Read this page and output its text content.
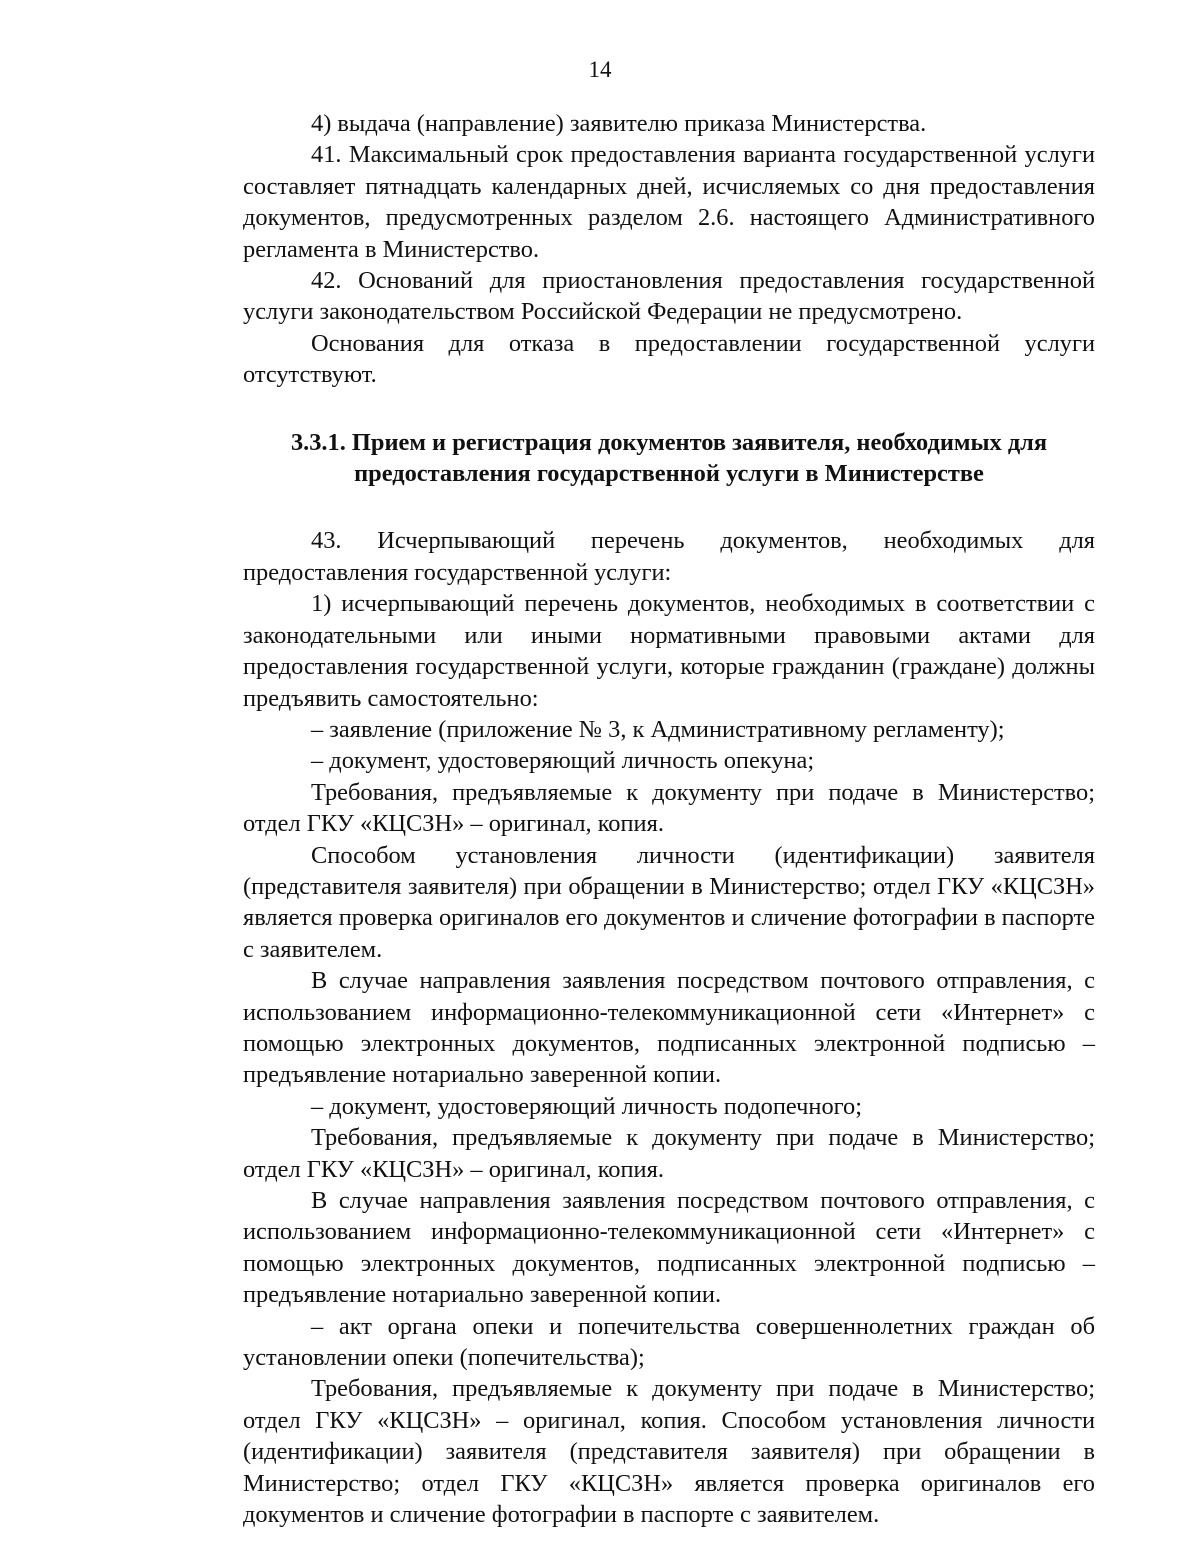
14

4) выдача (направление) заявителю приказа Министерства.

41. Максимальный срок предоставления варианта государственной услуги составляет пятнадцать календарных дней, исчисляемых со дня предоставления документов, предусмотренных разделом 2.6. настоящего Административного регламента в Министерство.

42. Оснований для приостановления предоставления государственной услуги законодательством Российской Федерации не предусмотрено.

Основания для отказа в предоставлении государственной услуги отсутствуют.

3.3.1. Прием и регистрация документов заявителя, необходимых для предоставления государственной услуги в Министерстве

43. Исчерпывающий перечень документов, необходимых для предоставления государственной услуги:

1) исчерпывающий перечень документов, необходимых в соответствии с законодательными или иными нормативными правовыми актами для предоставления государственной услуги, которые гражданин (граждане) должны предъявить самостоятельно:

– заявление (приложение № 3, к Административному регламенту);

– документ, удостоверяющий личность опекуна;

Требования, предъявляемые к документу при подаче в Министерство; отдел ГКУ «КЦСЗН» – оригинал, копия.

Способом установления личности (идентификации) заявителя (представителя заявителя) при обращении в Министерство; отдел ГКУ «КЦСЗН» является проверка оригиналов его документов и сличение фотографии в паспорте с заявителем.

В случае направления заявления посредством почтового отправления, с использованием информационно-телекоммуникационной сети «Интернет» с помощью электронных документов, подписанных электронной подписью – предъявление нотариально заверенной копии.

– документ, удостоверяющий личность подопечного;

Требования, предъявляемые к документу при подаче в Министерство; отдел ГКУ «КЦСЗН» – оригинал, копия.

В случае направления заявления посредством почтового отправления, с использованием информационно-телекоммуникационной сети «Интернет» с помощью электронных документов, подписанных электронной подписью – предъявление нотариально заверенной копии.

– акт органа опеки и попечительства совершеннолетних граждан об установлении опеки (попечительства);

Требования, предъявляемые к документу при подаче в Министерство; отдел ГКУ «КЦСЗН» – оригинал, копия. Способом установления личности (идентификации) заявителя (представителя заявителя) при обращении в Министерство; отдел ГКУ «КЦСЗН» является проверка оригиналов его документов и сличение фотографии в паспорте с заявителем.
